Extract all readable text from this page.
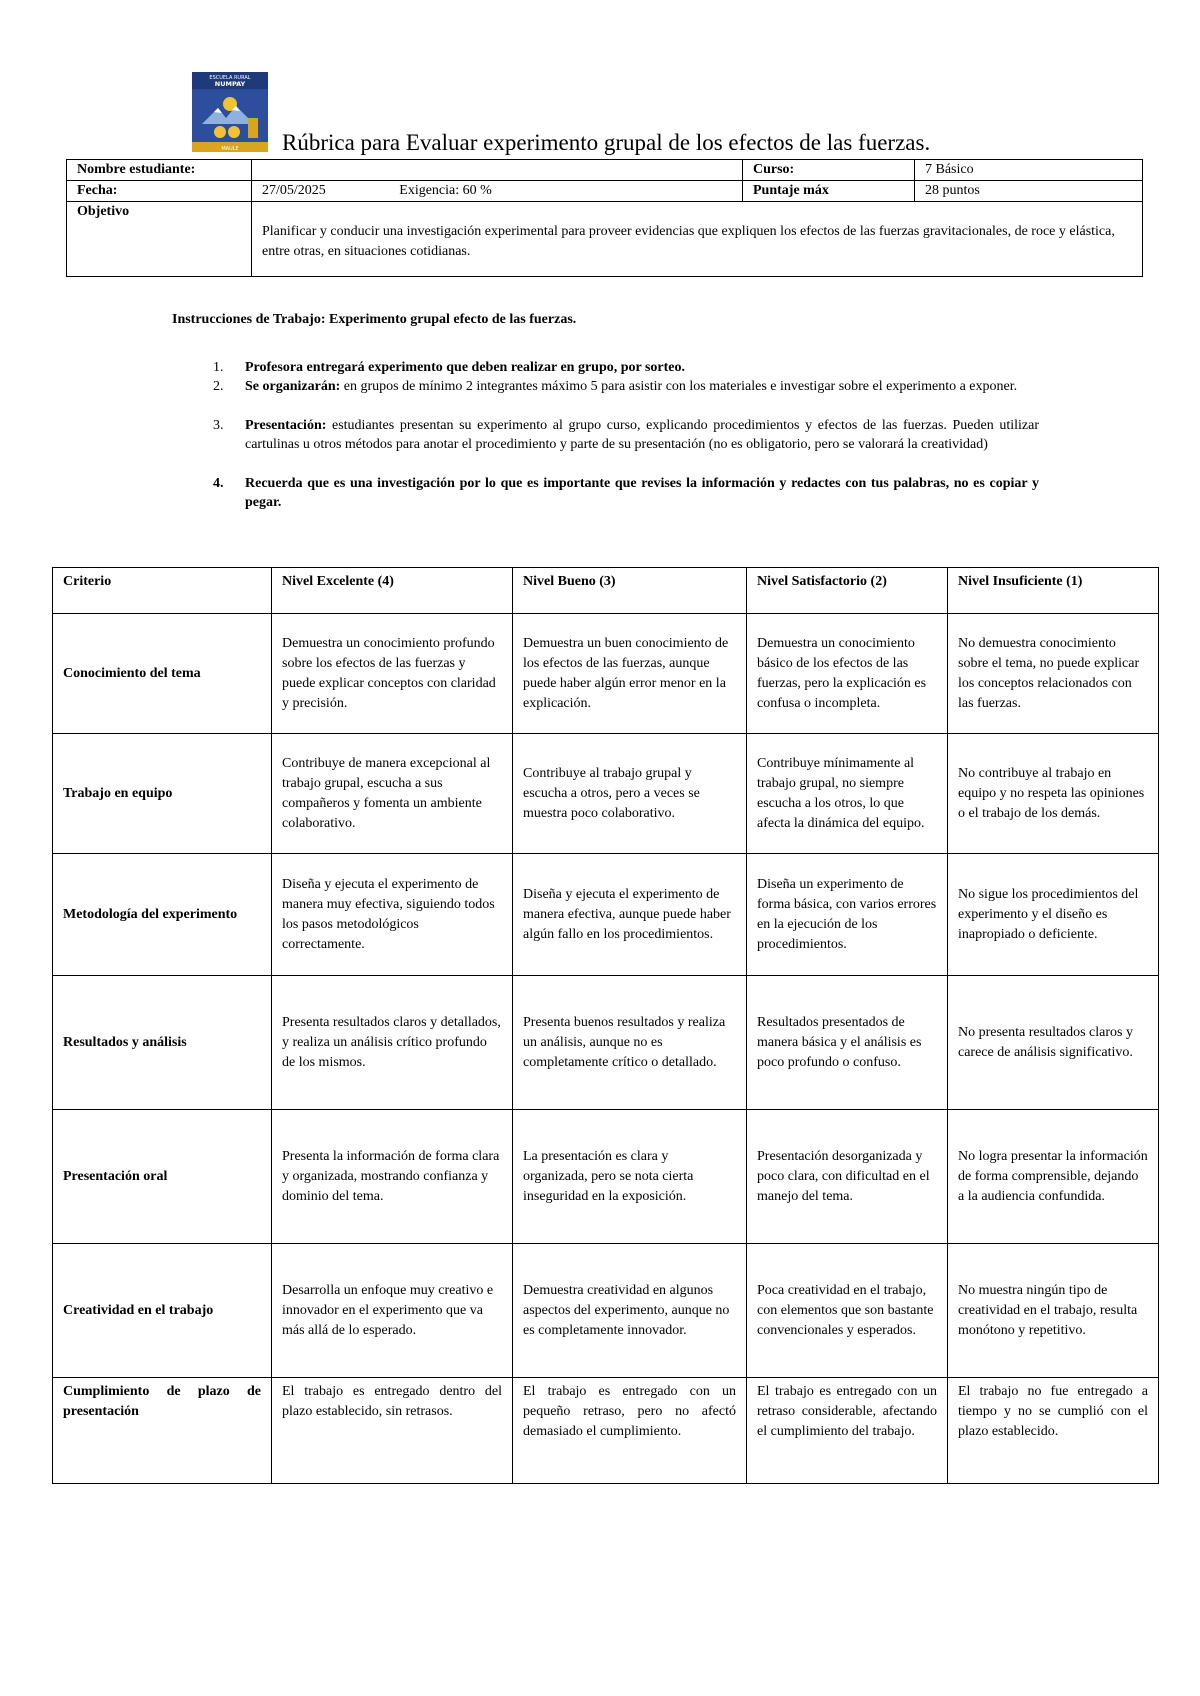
ESCUELA RURAL
NUMPAY
MAULE Rúbrica para Evaluar experimento grupal de los efectos de las fuerzas.
Nombre estudiante:		Curso:	7 Básico
Fecha:	27/05/2025 Exigencia: 60 %	Puntaje máx	28 puntos
Objetivo	Planificar y conducir una investigación experimental para proveer evidencias que expliquen los efectos de las fuerzas gravitacionales, de roce y elástica, entre otras, en situaciones cotidianas.		
Instrucciones de Trabajo: Experimento grupal efecto de las fuerzas.
1. Profesora entregará experimento que deben realizar en grupo, por sorteo.
2. Se organizarán: en grupos de mínimo 2 integrantes máximo 5 para asistir con los materiales e investigar sobre el experimento a exponer.
3. Presentación: estudiantes presentan su experimento al grupo curso, explicando procedimientos y efectos de las fuerzas. Pueden utilizar cartulinas u otros métodos para anotar el procedimiento y parte de su presentación (no es obligatorio, pero se valorará la creatividad)
4. Recuerda que es una investigación por lo que es importante que revises la información y redactes con tus palabras, no es copiar y pegar.
Criterio	Nivel Excelente (4)	Nivel Bueno (3)	Nivel Satisfactorio (2)	Nivel Insuficiente (1)
Conocimiento del tema	Demuestra un conocimiento profundo sobre los efectos de las fuerzas y puede explicar conceptos con claridad y precisión.	Demuestra un buen conocimiento de los efectos de las fuerzas, aunque puede haber algún error menor en la explicación.	Demuestra un conocimiento básico de los efectos de las fuerzas, pero la explicación es confusa o incompleta.	No demuestra conocimiento sobre el tema, no puede explicar los conceptos relacionados con las fuerzas.
Trabajo en equipo	Contribuye de manera excepcional al trabajo grupal, escucha a sus compañeros y fomenta un ambiente colaborativo.	Contribuye al trabajo grupal y escucha a otros, pero a veces se muestra poco colaborativo.	Contribuye mínimamente al trabajo grupal, no siempre escucha a los otros, lo que afecta la dinámica del equipo.	No contribuye al trabajo en equipo y no respeta las opiniones o el trabajo de los demás.
Metodología del experimento	Diseña y ejecuta el experimento de manera muy efectiva, siguiendo todos los pasos metodológicos correctamente.	Diseña y ejecuta el experimento de manera efectiva, aunque puede haber algún fallo en los procedimientos.	Diseña un experimento de forma básica, con varios errores en la ejecución de los procedimientos.	No sigue los procedimientos del experimento y el diseño es inapropiado o deficiente.
Resultados y análisis	Presenta resultados claros y detallados, y realiza un análisis crítico profundo de los mismos.	Presenta buenos resultados y realiza un análisis, aunque no es completamente crítico o detallado.	Resultados presentados de manera básica y el análisis es poco profundo o confuso.	No presenta resultados claros y carece de análisis significativo.
Presentación oral	Presenta la información de forma clara y organizada, mostrando confianza y dominio del tema.	La presentación es clara y organizada, pero se nota cierta inseguridad en la exposición.	Presentación desorganizada y poco clara, con dificultad en el manejo del tema.	No logra presentar la información de forma comprensible, dejando a la audiencia confundida.
Creatividad en el trabajo	Desarrolla un enfoque muy creativo e innovador en el experimento que va más allá de lo esperado.	Demuestra creatividad en algunos aspectos del experimento, aunque no es completamente innovador.	Poca creatividad en el trabajo, con elementos que son bastante convencionales y esperados.	No muestra ningún tipo de creatividad en el trabajo, resulta monótono y repetitivo.
Cumplimiento de plazo de presentación	El trabajo es entregado dentro del plazo establecido, sin retrasos.	El trabajo es entregado con un pequeño retraso, pero no afectó demasiado el cumplimiento.	El trabajo es entregado con un retraso considerable, afectando el cumplimiento del trabajo.	El trabajo no fue entregado a tiempo y no se cumplió con el plazo establecido.
